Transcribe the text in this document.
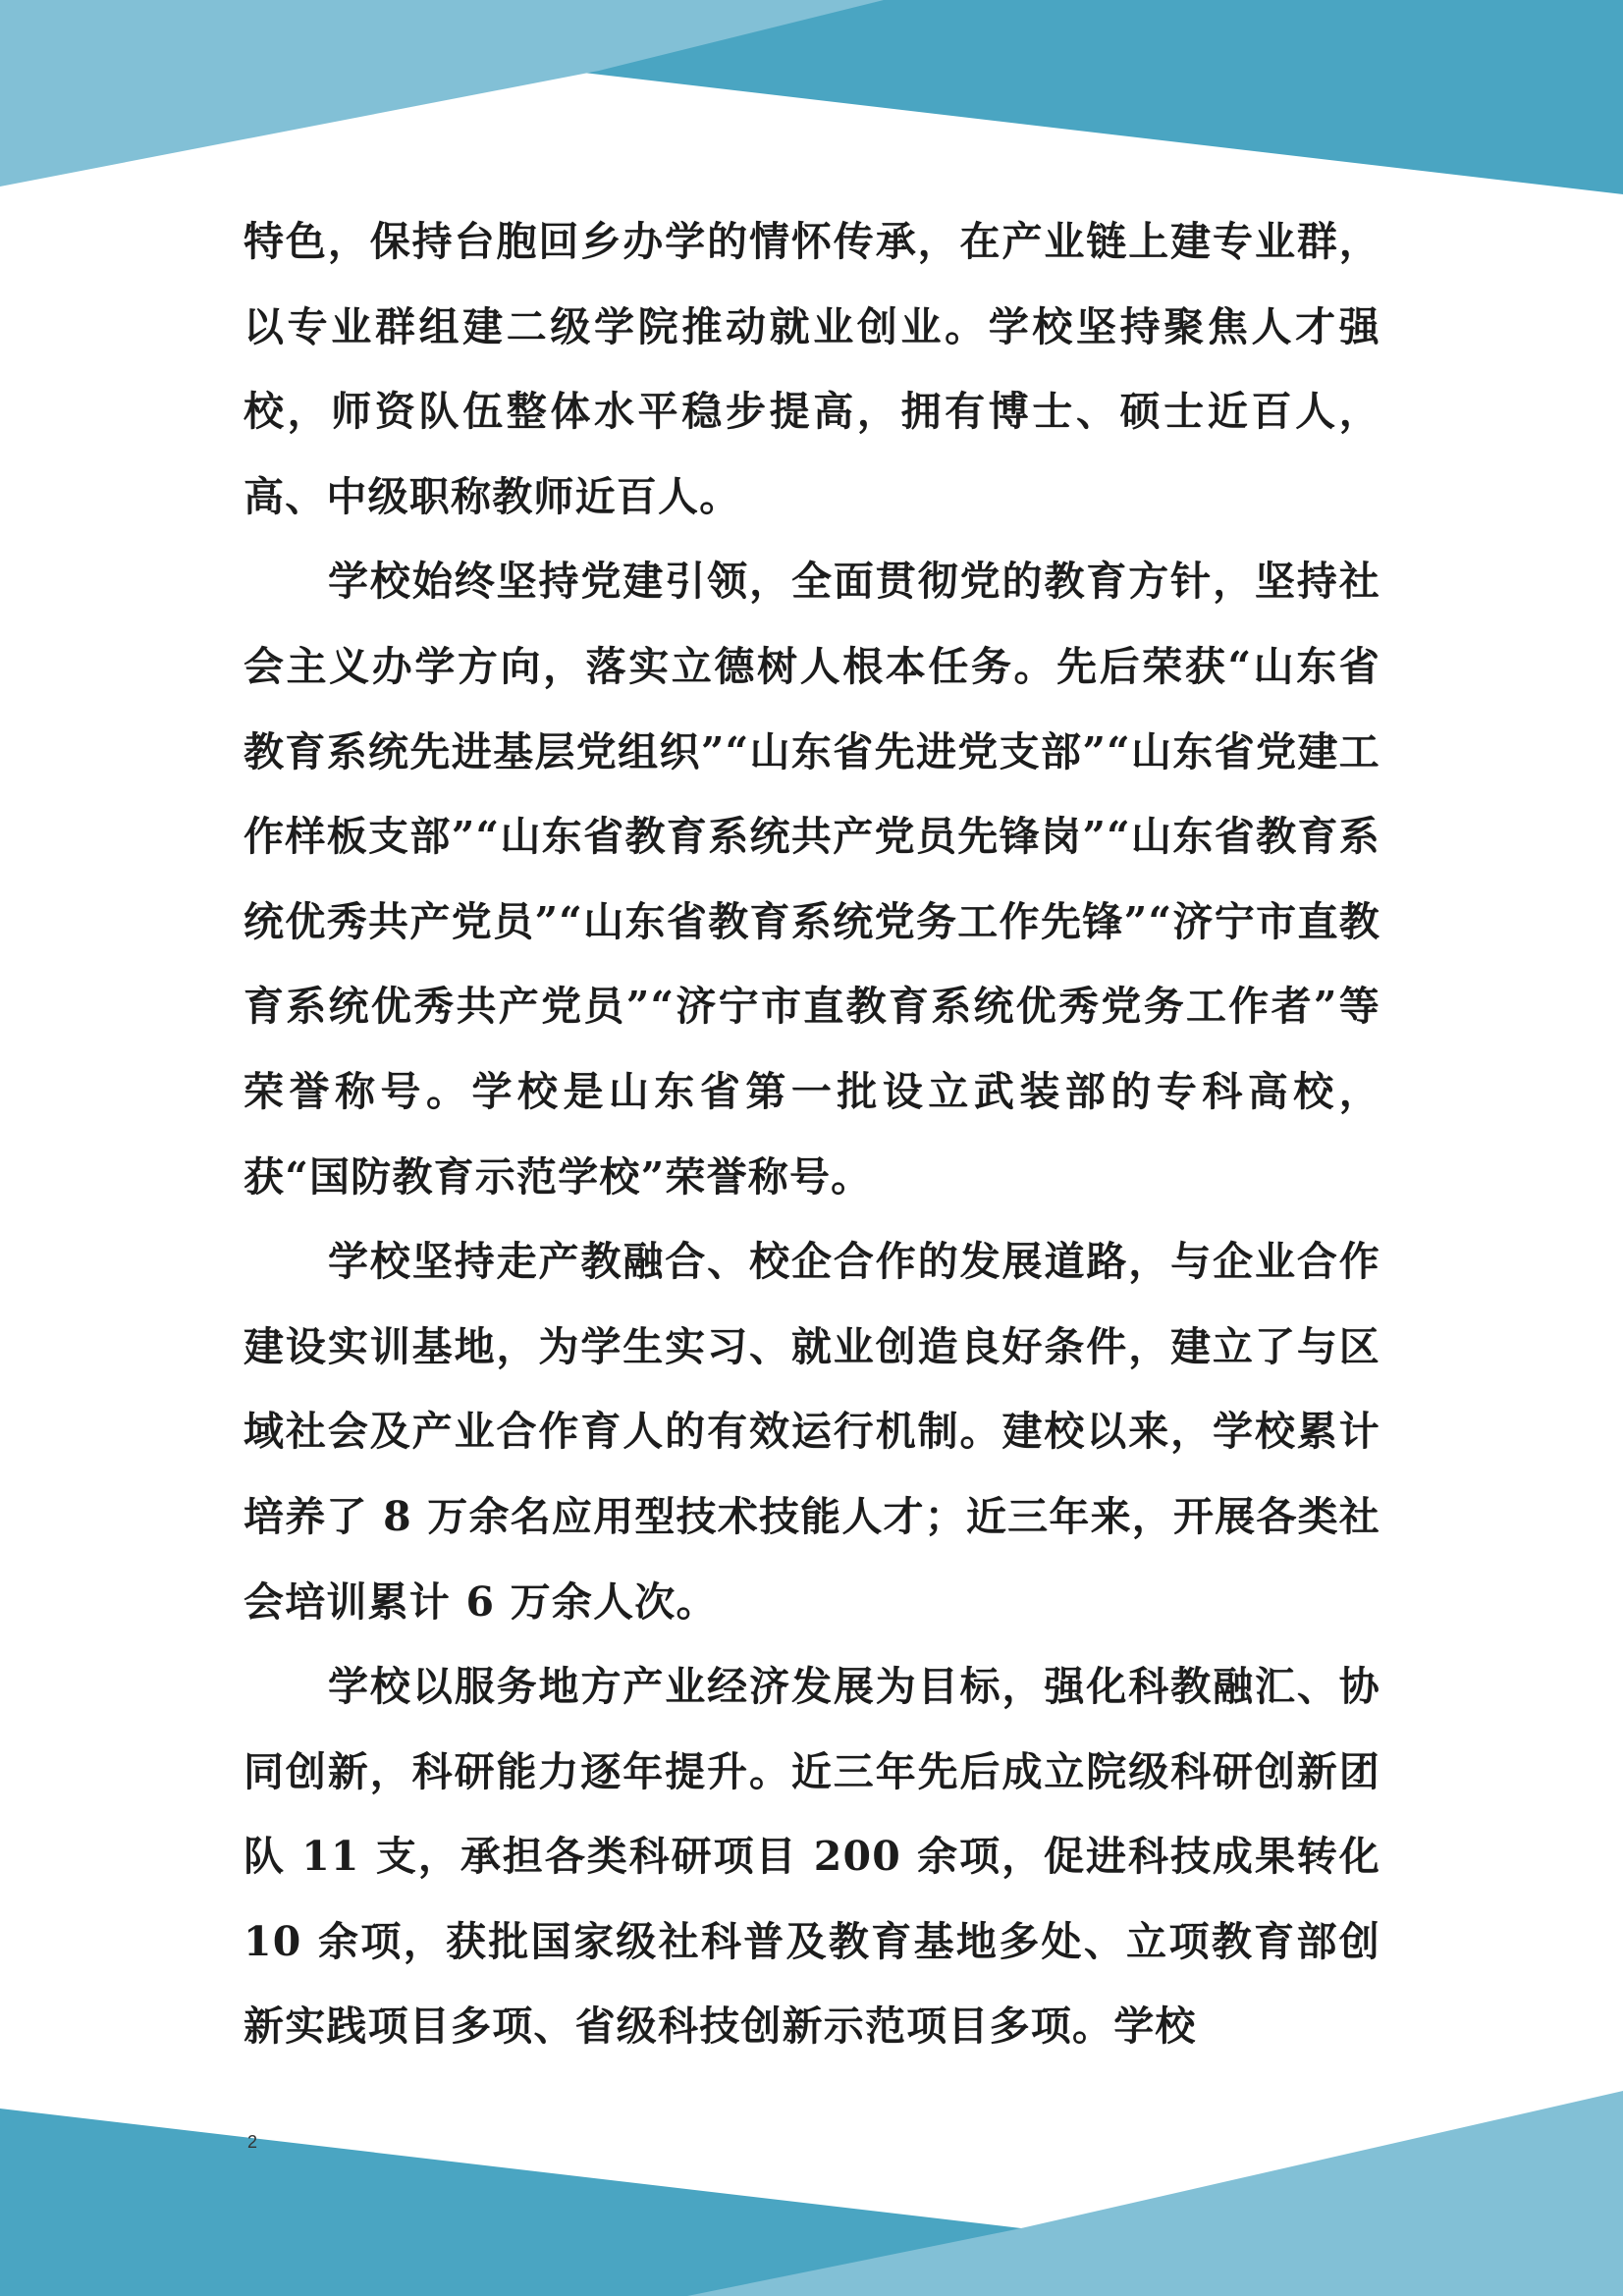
特色，保持台胞回乡办学的情怀传承，在产业链上建专业群，以专业群组建二级学院推动就业创业。学校坚持聚焦人才强校，师资队伍整体水平稳步提高，拥有博士、硕士近百人，高、中级职称教师近百人。

学校始终坚持党建引领，全面贯彻党的教育方针，坚持社会主义办学方向，落实立德树人根本任务。先后荣获“山东省教育系统先进基层党组织”“山东省先进党支部”“山东省党建工作样板支部”“山东省教育系统共产党员先锋岗”“山东省教育系统优秀共产党员”“山东省教育系统党务工作先锋”“济宁市直教育系统优秀共产党员”“济宁市直教育系统优秀党务工作者”等荣誉称号。学校是山东省第一批设立武装部的专科高校，获“国防教育示范学校”荣誉称号。

学校坚持走产教融合、校企合作的发展道路，与企业合作建设实训基地，为学生实习、就业创造良好条件，建立了与区域社会及产业合作育人的有效运行机制。建校以来，学校累计培养了 8 万余名应用型技术技能人才；近三年来，开展各类社会培训累计 6 万余人次。

学校以服务地方产业经济发展为目标，强化科教融汇、协同创新，科研能力逐年提升。近三年先后成立院级科研创新团队 11 支，承担各类科研项目 200 余项，促进科技成果转化 10 余项，获批国家级社科普及教育基地多处、立项教育部创新实践项目多项、省级科技创新示范项目多项。学校

2
